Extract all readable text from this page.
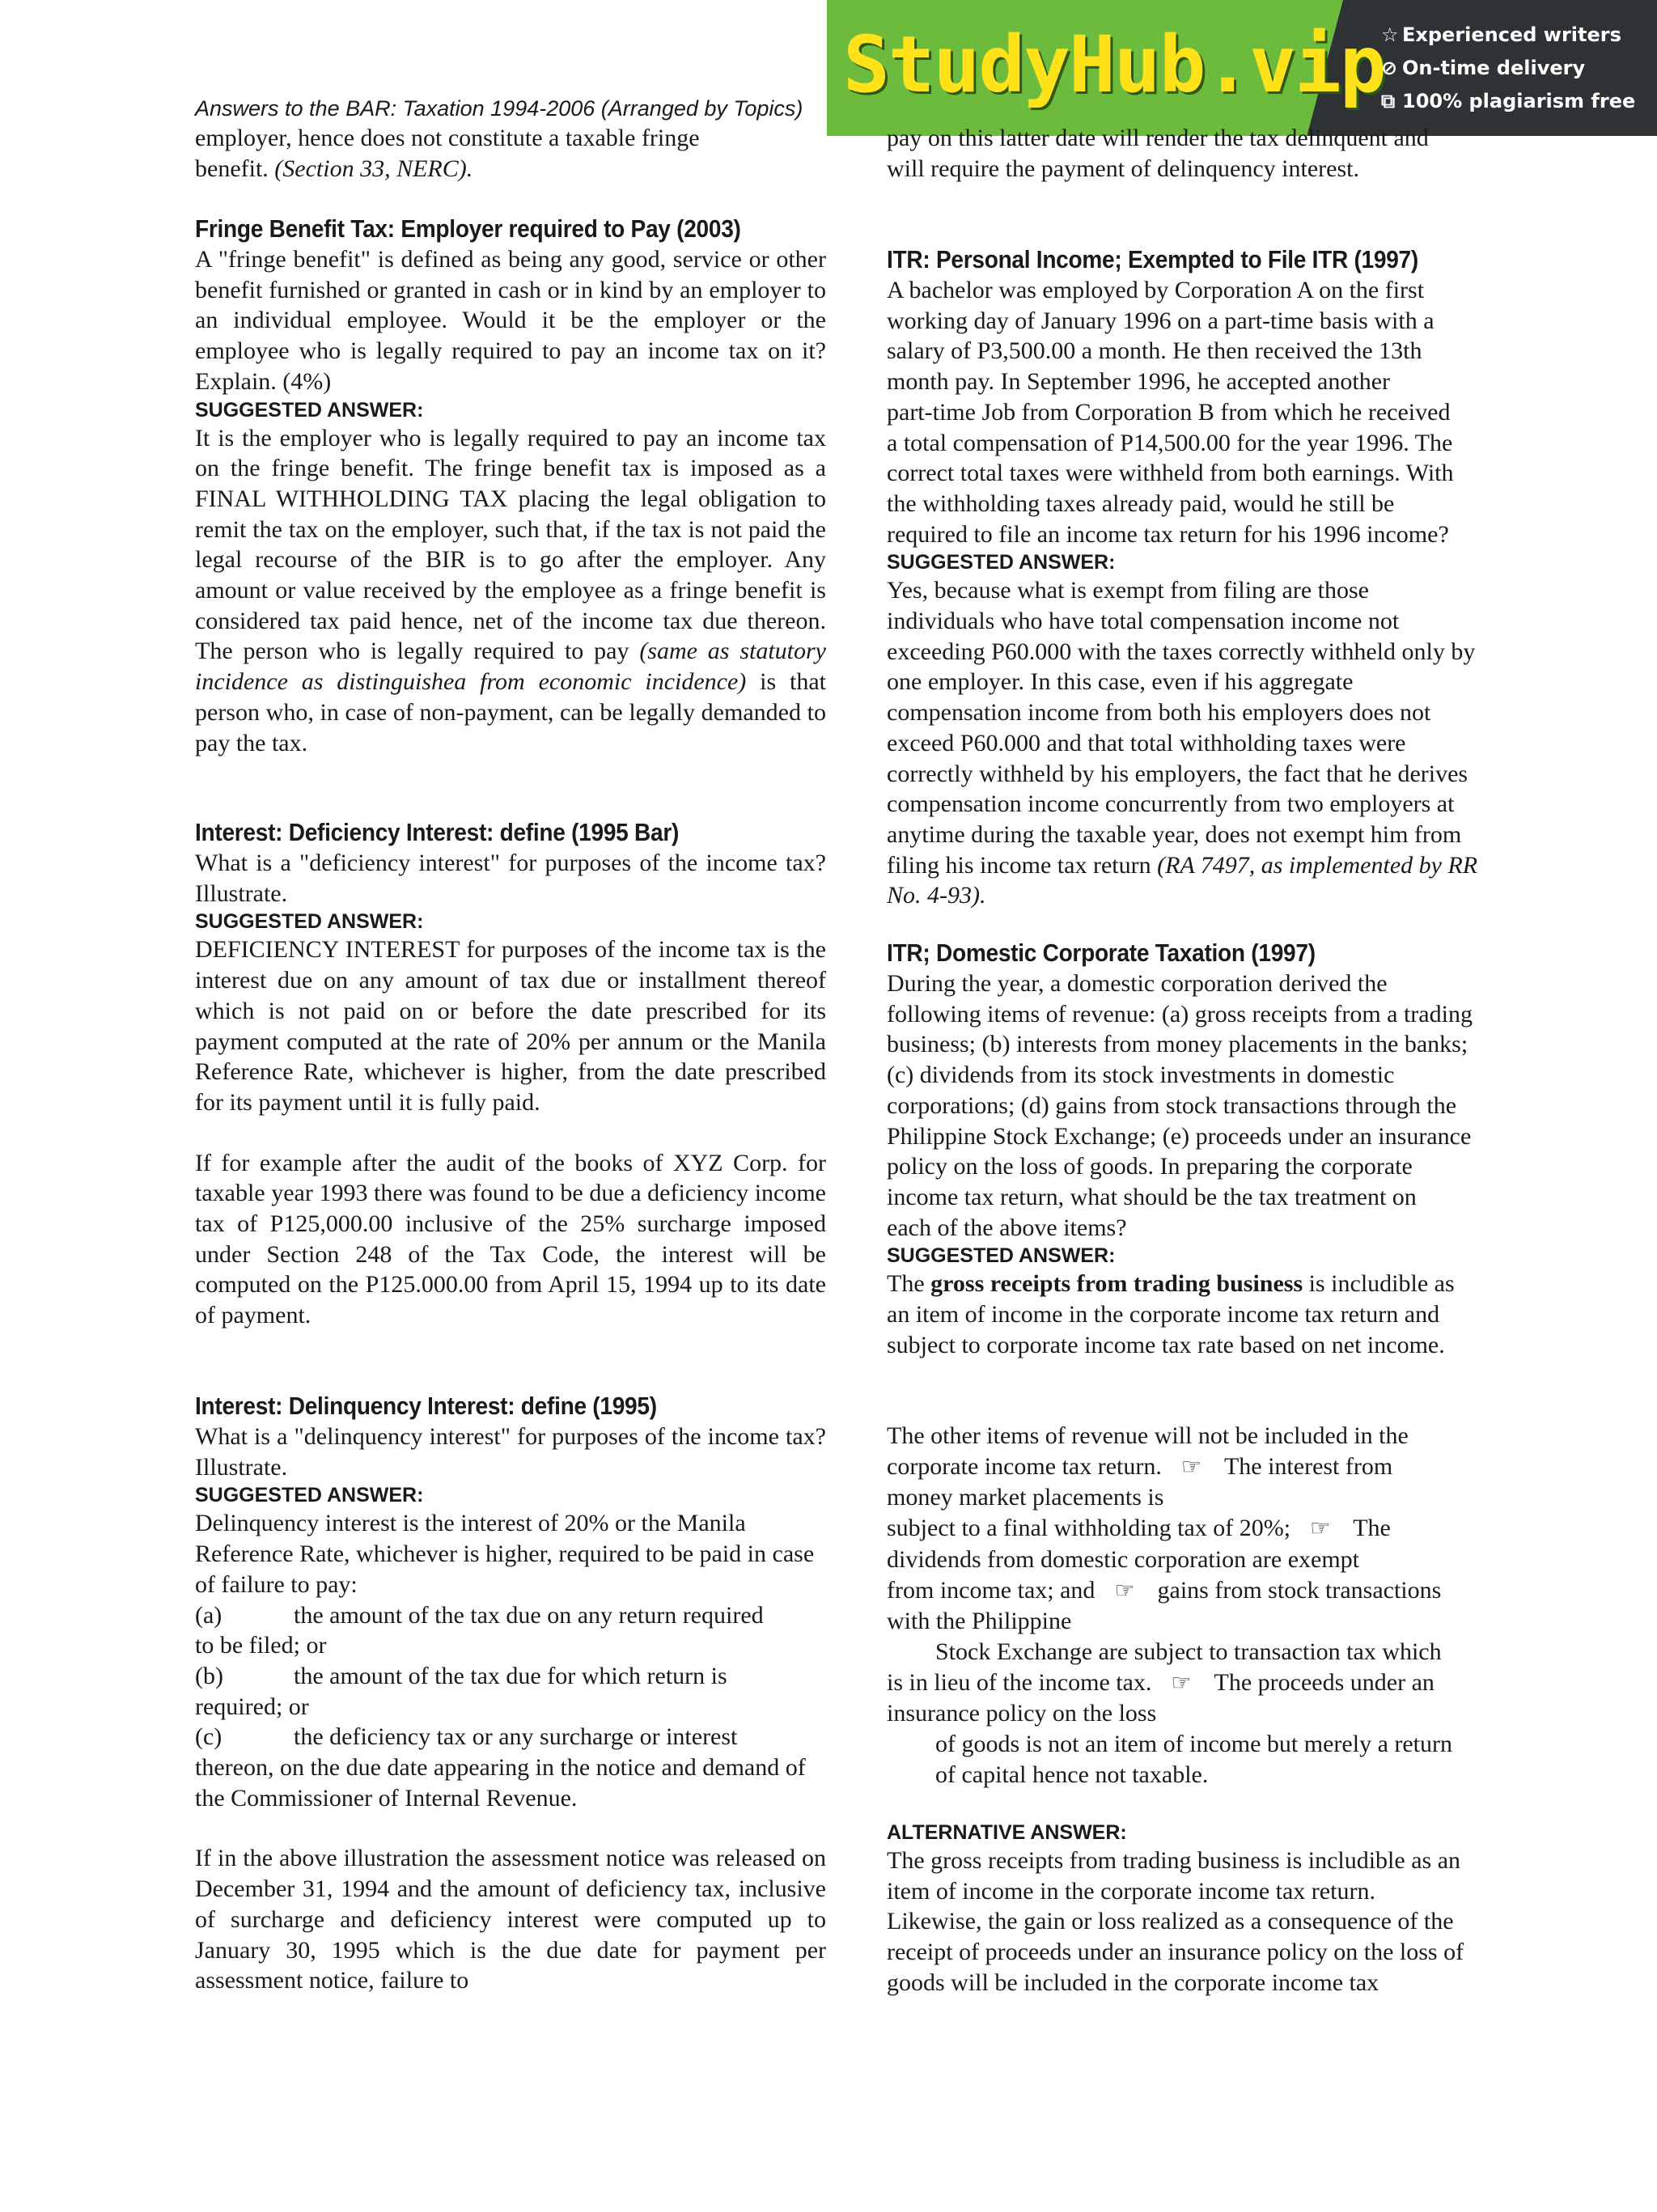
StudyHub.vip
☆ Experienced writers
⊘ On-time delivery
⧉ 100% plagiarism free
Answers to the BAR: Taxation 1994-2006 (Arranged by Topics)

employer, hence does not constitute a taxable fringe

benefit. (Section 33, NERC).

Fringe Benefit Tax: Employer required to Pay (2003)

A "fringe benefit" is defined as being any good, service or other benefit furnished or granted in cash or in kind by an employer to an individual employee. Would it be the employer or the employee who is legally required to pay an income tax on it? Explain. (4%)

SUGGESTED ANSWER:

It is the employer who is legally required to pay an income tax on the fringe benefit. The fringe benefit tax is imposed as a FINAL WITHHOLDING TAX placing the legal obligation to remit the tax on the employer, such that, if the tax is not paid the legal recourse of the BIR is to go after the employer. Any amount or value received by the employee as a fringe benefit is considered tax paid hence, net of the income tax due thereon. The person who is legally required to pay (same as statutory incidence as distinguishea from economic incidence) is that person who, in case of non-payment, can be legally demanded to pay the tax.

Interest: Deficiency Interest: define (1995 Bar)

What is a "deficiency interest" for purposes of the income tax? Illustrate.

SUGGESTED ANSWER:

DEFICIENCY INTEREST for purposes of the income tax is the interest due on any amount of tax due or installment thereof which is not paid on or before the date prescribed for its payment computed at the rate of 20% per annum or the Manila Reference Rate, whichever is higher, from the date prescribed for its payment until it is fully paid.

If for example after the audit of the books of XYZ Corp. for taxable year 1993 there was found to be due a deficiency income tax of P125,000.00 inclusive of the 25% surcharge imposed under Section 248 of the Tax Code, the interest will be computed on the P125.000.00 from April 15, 1994 up to its date of payment.

Interest: Delinquency Interest: define (1995)

What is a "delinquency interest" for purposes of the income tax? Illustrate.

SUGGESTED ANSWER:

Delinquency interest is the interest of 20% or the Manila Reference Rate, whichever is higher, required to be paid in case of failure to pay:

(a)	the amount of the tax due on any return required

to be filed; or

(b)	the amount of the tax due for which return is

required; or

(c)	the deficiency tax or any surcharge or interest

thereon, on the due date appearing in the notice and demand of the Commissioner of Internal Revenue.

If in the above illustration the assessment notice was released on December 31, 1994 and the amount of deficiency tax, inclusive of surcharge and deficiency interest were computed up to January 30, 1995 which is the due date for payment per assessment notice, failure to

pay on this latter date will render the tax delinquent and

will require the payment of delinquency interest.

ITR: Personal Income; Exempted to File ITR (1997)

A bachelor was employed by Corporation A on the first

working day of January 1996 on a part-time basis with a

salary of P3,500.00 a month. He then received the 13th

month pay. In September 1996, he accepted another

part-time Job from Corporation B from which he received

a total compensation of P14,500.00 for the year 1996. The

correct total taxes were withheld from both earnings. With

the withholding taxes already paid, would he still be

required to file an income tax return for his 1996 income?

SUGGESTED ANSWER:

Yes, because what is exempt from filing are those

individuals who have total compensation income not

exceeding P60.000 with the taxes correctly withheld only by

one employer. In this case, even if his aggregate

compensation income from both his employers does not

exceed P60.000 and that total withholding taxes were

correctly withheld by his employers, the fact that he derives

compensation income concurrently from two employers at

anytime during the taxable year, does not exempt him from

filing his income tax return (RA 7497, as implemented by RR

No. 4-93).

ITR; Domestic Corporate Taxation (1997)

During the year, a domestic corporation derived the

following items of revenue: (a) gross receipts from a trading

business; (b) interests from money placements in the banks;

(c) dividends from its stock investments in domestic

corporations; (d) gains from stock transactions through the

Philippine Stock Exchange; (e) proceeds under an insurance

policy on the loss of goods. In preparing the corporate

income tax return, what should be the tax treatment on

each of the above items?

SUGGESTED ANSWER:

The gross receipts from trading business is includible as

an item of income in the corporate income tax return and

subject to corporate income tax rate based on net income.

The other items of revenue will not be included in the

corporate income tax return. ☞ The interest from

money market placements is

subject to a final withholding tax of 20%; ☞ The

dividends from domestic corporation are exempt

from income tax; and ☞ gains from stock transactions

with the Philippine

Stock Exchange are subject to transaction tax which

is in lieu of the income tax. ☞ The proceeds under an

insurance policy on the loss

of goods is not an item of income but merely a return

of capital hence not taxable.

ALTERNATIVE ANSWER:

The gross receipts from trading business is includible as an

item of income in the corporate income tax return.

Likewise, the gain or loss realized as a consequence of the

receipt of proceeds under an insurance policy on the loss of

goods will be included in the corporate income tax
